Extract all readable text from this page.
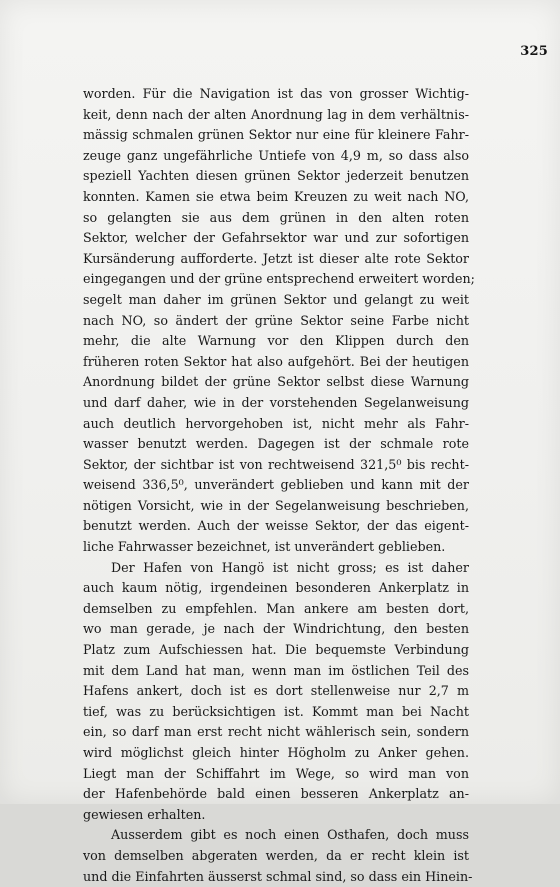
325
worden. Für die Navigation ist das von grosser Wichtig-
keit, denn nach der alten Anordnung lag in dem verhältnis-
mässig schmalen grünen Sektor nur eine für kleinere Fahr-
zeuge ganz ungefährliche Untiefe von 4,9 m, so dass also
speziell Yachten diesen grünen Sektor jederzeit benutzen
konnten. Kamen sie etwa beim Kreuzen zu weit nach NO,
so gelangten sie aus dem grünen in den alten roten
Sektor, welcher der Gefahrsektor war und zur sofortigen
Kursänderung aufforderte. Jetzt ist dieser alte rote Sektor
eingegangen und der grüne entsprechend erweitert worden;
segelt man daher im grünen Sektor und gelangt zu weit
nach NO, so ändert der grüne Sektor seine Farbe nicht
mehr, die alte Warnung vor den Klippen durch den
früheren roten Sektor hat also aufgehört. Bei der heutigen
Anordnung bildet der grüne Sektor selbst diese Warnung
und darf daher, wie in der vorstehenden Segelanweisung
auch deutlich hervorgehoben ist, nicht mehr als Fahr-
wasser benutzt werden. Dagegen ist der schmale rote
Sektor, der sichtbar ist von rechtweisend 321,5⁰ bis recht-
weisend 336,5⁰, unverändert geblieben und kann mit der
nötigen Vorsicht, wie in der Segelanweisung beschrieben,
benutzt werden. Auch der weisse Sektor, der das eigent-
liche Fahrwasser bezeichnet, ist unverändert geblieben.
Der Hafen von Hangö ist nicht gross; es ist daher
auch kaum nötig, irgendeinen besonderen Ankerplatz in
demselben zu empfehlen. Man ankere am besten dort,
wo man gerade, je nach der Windrichtung, den besten
Platz zum Aufschiessen hat. Die bequemste Verbindung
mit dem Land hat man, wenn man im östlichen Teil des
Hafens ankert, doch ist es dort stellenweise nur 2,7 m
tief, was zu berücksichtigen ist. Kommt man bei Nacht
ein, so darf man erst recht nicht wählerisch sein, sondern
wird möglichst gleich hinter Högholm zu Anker gehen.
Liegt man der Schiffahrt im Wege, so wird man von
der Hafenbehörde bald einen besseren Ankerplatz an-
gewiesen erhalten.
Ausserdem gibt es noch einen Osthafen, doch muss
von demselben abgeraten werden, da er recht klein ist
und die Einfahrten äusserst schmal sind, so dass ein Hinein-
